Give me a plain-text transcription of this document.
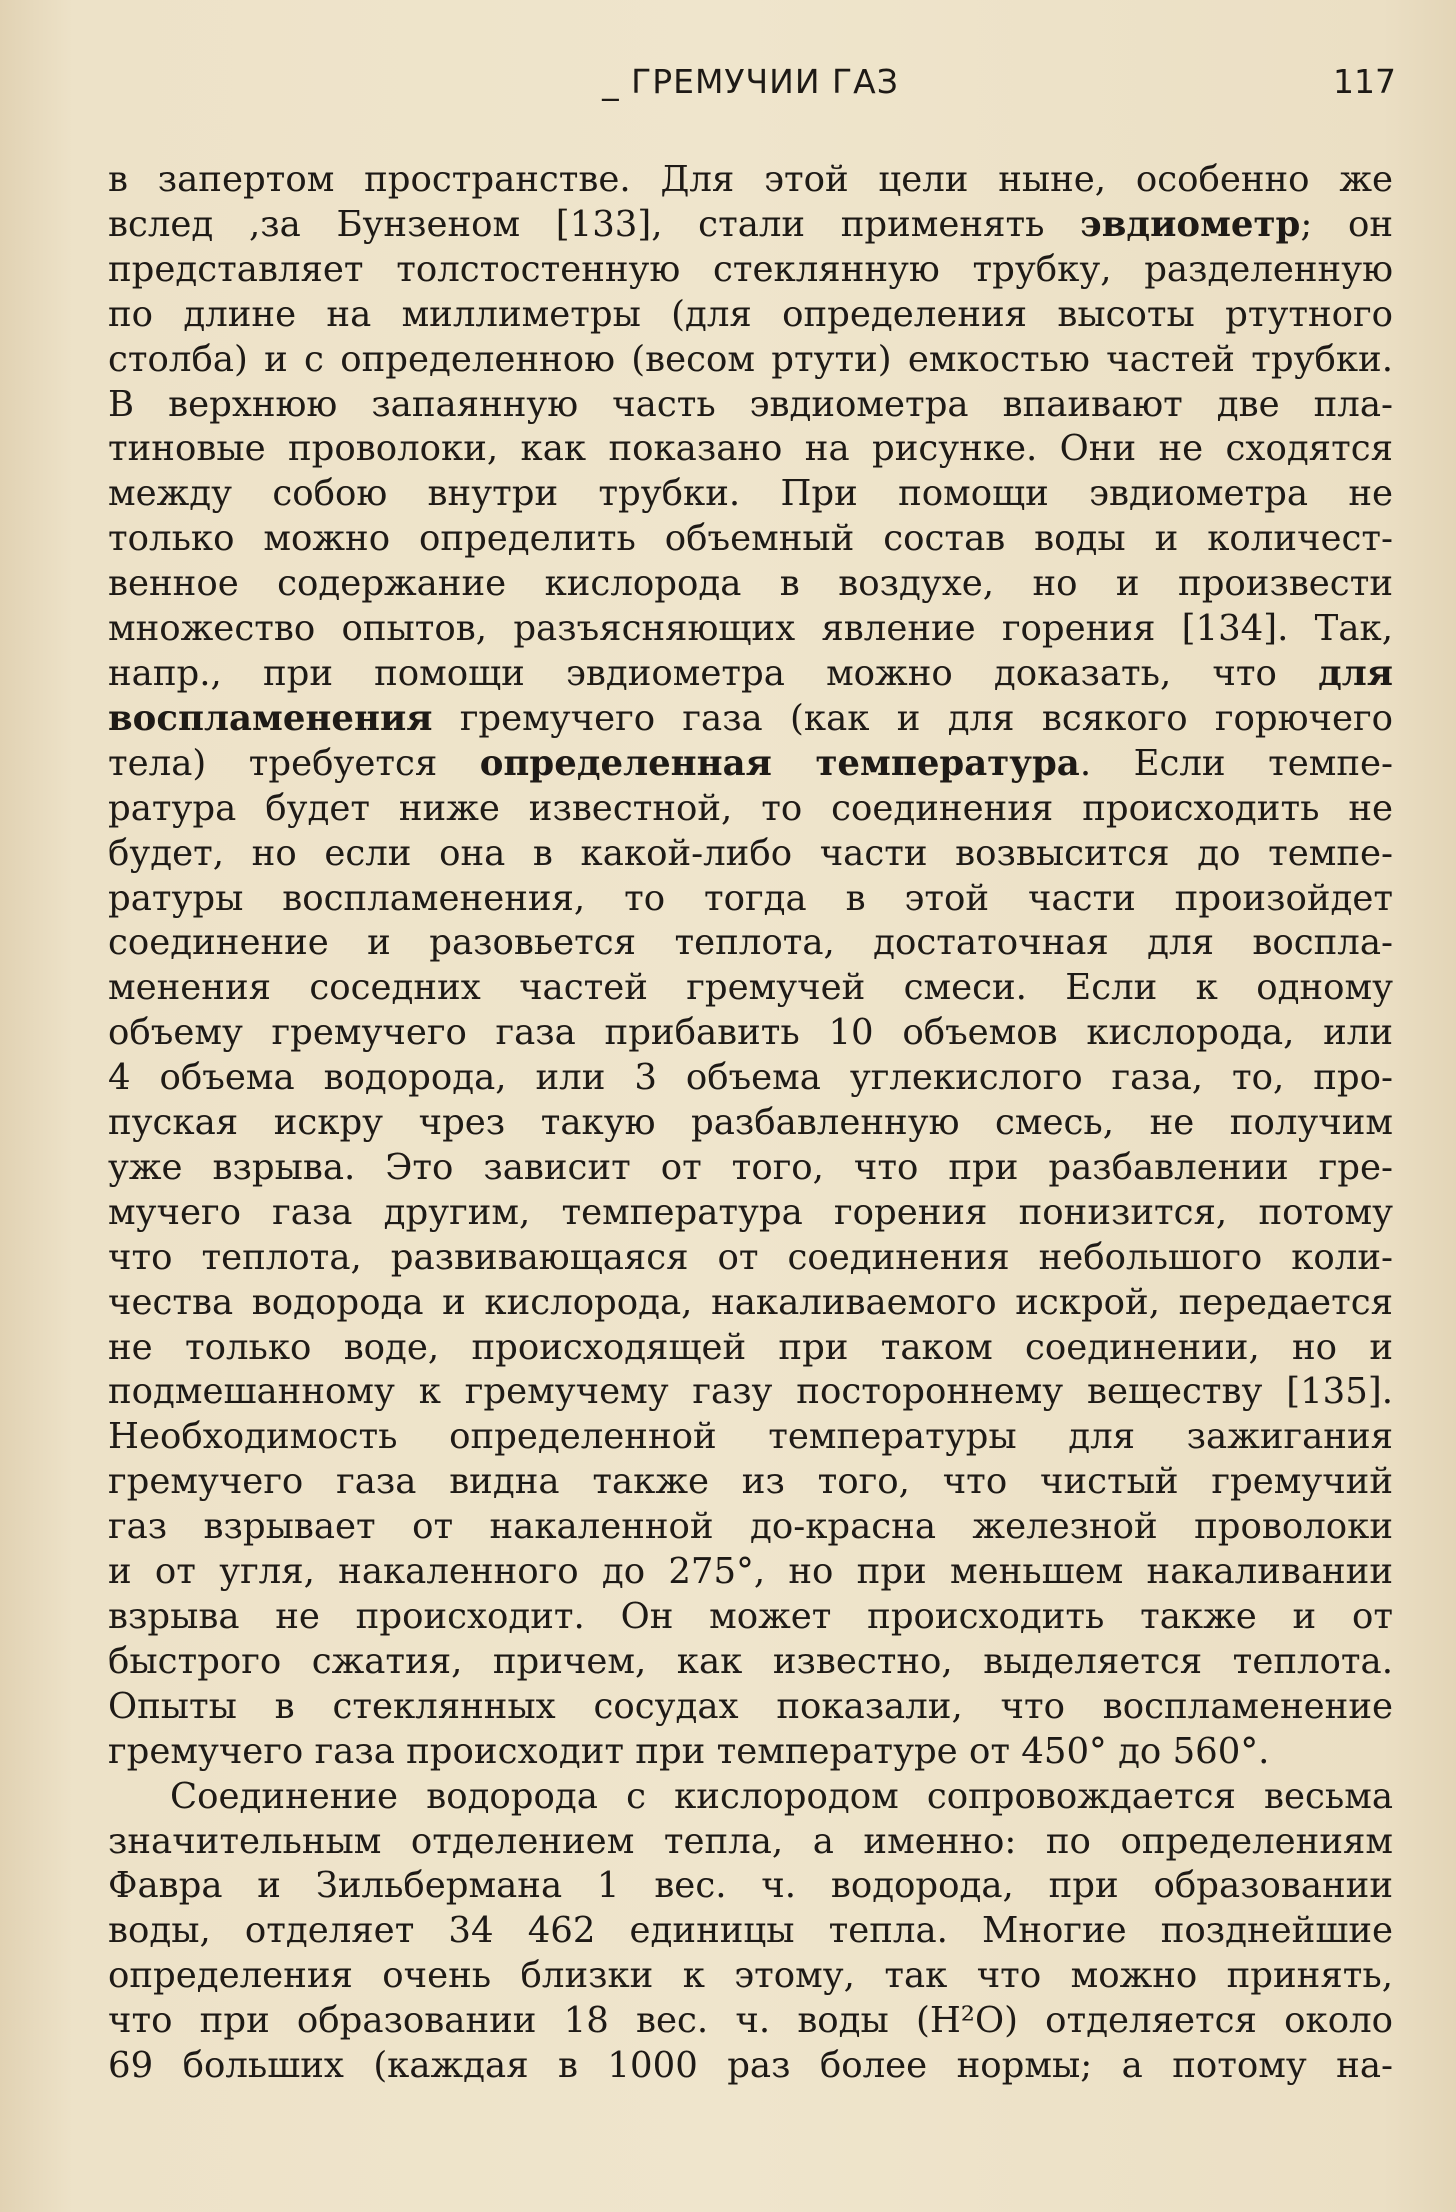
_ ГРЕМУЧИИ ГАЗ	117

в запертом пространстве. Для этой цели ныне, особенно же
вслед ,за Бунзеном [133], стали применять эвдиометр; он
представляет толстостенную стеклянную трубку, разделенную
по длине на миллиметры (для определения высоты ртутного
столба) и с определенною (весом ртути) емкостью частей трубки.
В верхнюю запаянную часть эвдиометра впаивают две пла-
тиновые проволоки, как показано на рисунке. Они не сходятся
между собою внутри трубки. При помощи эвдиометра не
только можно определить объемный состав воды и количест-
венное содержание кислорода в воздухе, но и произвести
множество опытов, разъясняющих явление горения [134]. Так,
напр., при помощи эвдиометра можно доказать, что для
воспламенения гремучего газа (как и для всякого горючего
тела) требуется определенная температура. Если темпе-
ратура будет ниже известной, то соединения происходить не
будет, но если она в какой-либо части возвысится до темпе-
ратуры воспламенения, то тогда в этой части произойдет
соединение и разовьется теплота, достаточная для воспла-
менения соседних частей гремучей смеси. Если к одному
объему гремучего газа прибавить 10 объемов кислорода, или
4 объема водорода, или 3 объема углекислого газа, то, про-
пуская искру чрез такую разбавленную смесь, не получим
уже взрыва. Это зависит от того, что при разбавлении гре-
мучего газа другим, температура горения понизится, потому
что теплота, развивающаяся от соединения небольшого коли-
чества водорода и кислорода, накаливаемого искрой, передается
не только воде, происходящей при таком соединении, но и
подмешанному к гремучему газу постороннему веществу [135].
Необходимость определенной температуры для зажигания
гремучего газа видна также из того, что чистый гремучий
газ взрывает от накаленной до-красна железной проволоки
и от угля, накаленного до 275°, но при меньшем накаливании
взрыва не происходит. Он может происходить также и от
быстрого сжатия, причем, как известно, выделяется теплота.
Опыты в стеклянных сосудах показали, что воспламенение
гремучего газа происходит при температуре от 450° до 560°.

Соединение водорода с кислородом сопровождается весьма
значительным отделением тепла, а именно: по определениям
Фавра и Зильбермана 1 вес. ч. водорода, при образовании
воды, отделяет 34 462 единицы тепла. Многие позднейшие
определения очень близки к этому, так что можно принять,
что при образовании 18 вес. ч. воды (H²O) отделяется около
69 больших (каждая в 1000 раз более нормы; а потому на-
